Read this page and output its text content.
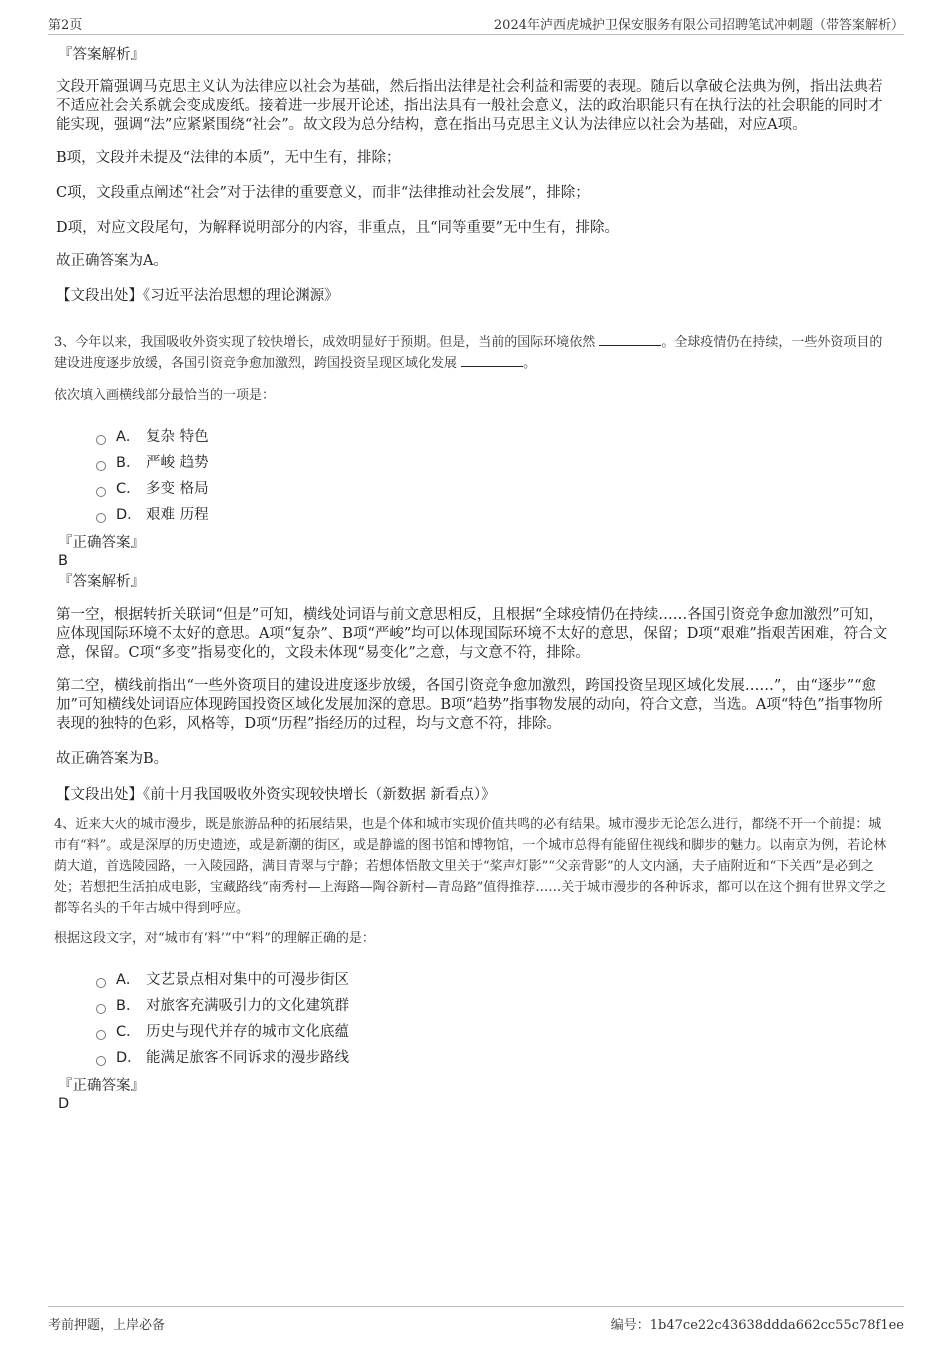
第2页	2024年泸西虎城护卫保安服务有限公司招聘笔试冲刺题（带答案解析）

『答案解析』

文段开篇强调马克思主义认为法律应以社会为基础，然后指出法律是社会利益和需要的表现。随后以拿破仑法典为例，指出法典若不适应社会关系就会变成废纸。接着进一步展开论述，指出法具有一般社会意义，法的政治职能只有在执行法的社会职能的同时才能实现，强调“法”应紧紧围绕“社会”。故文段为总分结构，意在指出马克思主义认为法律应以社会为基础，对应A项。

B项，文段并未提及“法律的本质”，无中生有，排除；

C项，文段重点阐述“社会”对于法律的重要意义，而非“法律推动社会发展”，排除；

D项，对应文段尾句，为解释说明部分的内容，非重点，且“同等重要”无中生有，排除。

故正确答案为A。

【文段出处】《习近平法治思想的理论渊源》

3、今年以来，我国吸收外资实现了较快增长，成效明显好于预期。但是，当前的国际环境依然	。全球疫情仍在持续，一些外资项目的建设进度逐步放缓，各国引资竞争愈加激烈，跨国投资呈现区域化发展	。

依次填入画横线部分最恰当的一项是：

A． 复杂 特色
B． 严峻 趋势
C． 多变 格局
D． 艰难 历程

『正确答案』

B

『答案解析』

第一空，根据转折关联词“但是”可知，横线处词语与前文意思相反，且根据“全球疫情仍在持续……各国引资竞争愈加激烈”可知，应体现国际环境不太好的意思。A项“复杂”、B项“严峻”均可以体现国际环境不太好的意思，保留；D项“艰难”指艰苦困难，符合文意，保留。C项“多变”指易变化的，文段未体现“易变化”之意，与文意不符，排除。

第二空，横线前指出“一些外资项目的建设进度逐步放缓，各国引资竞争愈加激烈，跨国投资呈现区域化发展……”，由“逐步”“愈加”可知横线处词语应体现跨国投资区域化发展加深的意思。B项“趋势”指事物发展的动向，符合文意，当选。A项“特色”指事物所表现的独特的色彩，风格等，D项“历程”指经历的过程，均与文意不符，排除。

故正确答案为B。

【文段出处】《前十月我国吸收外资实现较快增长（新数据 新看点）》

4、近来大火的城市漫步，既是旅游品种的拓展结果，也是个体和城市实现价值共鸣的必有结果。城市漫步无论怎么进行，都绕不开一个前提：城市有“料”。或是深厚的历史遗迹，或是新潮的街区，或是静谧的图书馆和博物馆，一个城市总得有能留住视线和脚步的魅力。以南京为例，若论林荫大道，首选陵园路，一入陵园路，满目青翠与宁静；若想体悟散文里关于“桨声灯影”“父亲背影”的人文内涵，夫子庙附近和“下关西”是必到之处；若想把生活拍成电影，宝藏路线“南秀村—上海路—陶谷新村—青岛路”值得推荐……关于城市漫步的各种诉求，都可以在这个拥有世界文学之都等名头的千年古城中得到呼应。

根据这段文字，对“城市有‘料’”中“料”的理解正确的是：

A． 文艺景点相对集中的可漫步街区
B． 对旅客充满吸引力的文化建筑群
C． 历史与现代并存的城市文化底蕴
D． 能满足旅客不同诉求的漫步路线

『正确答案』

D

考前押题，上岸必备	编号：1b47ce22c43638ddda662cc55c78f1ee
